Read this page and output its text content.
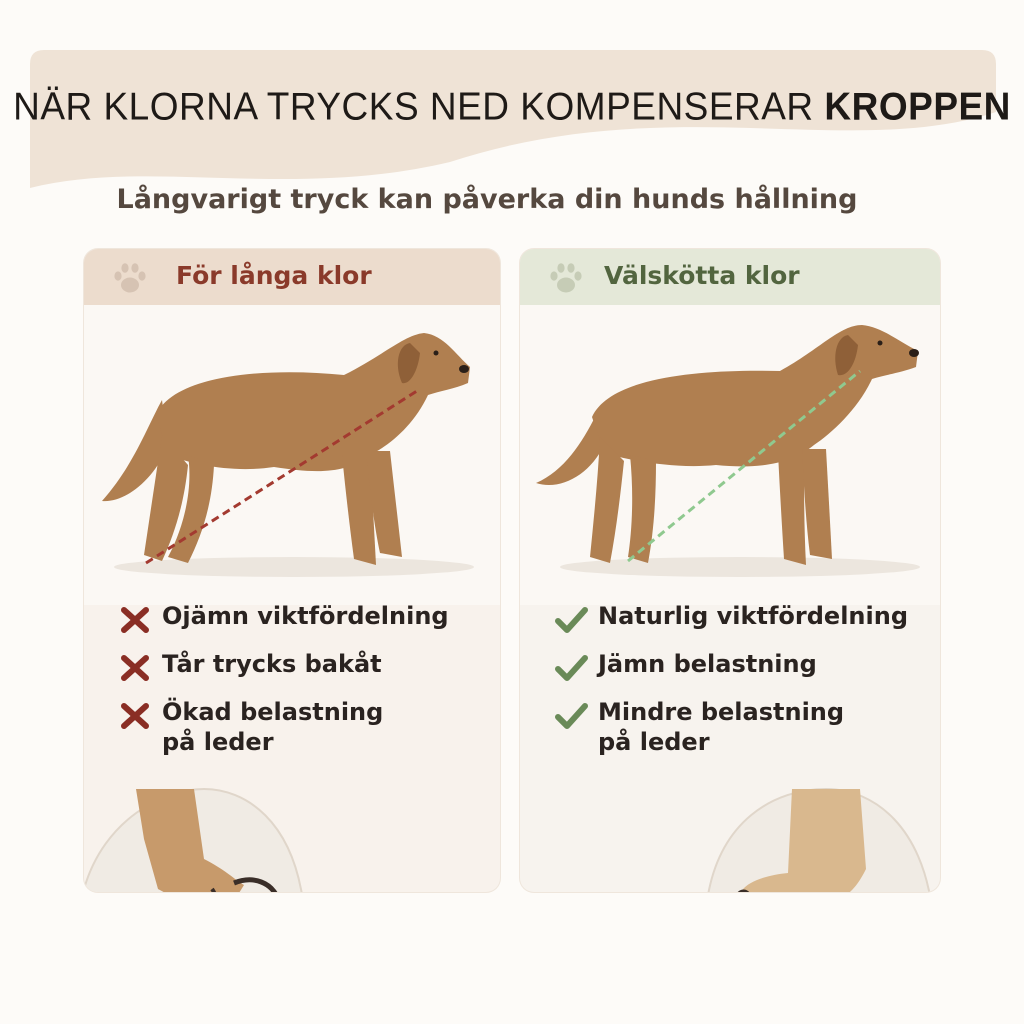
NÄR KLORNA TRYCKS NED KOMPENSERAR KROPPEN
Långvarigt tryck kan påverka din hunds hållning
För långa klor
Ojämn viktfördelning
Tår trycks bakåt
Ökad belastning
på leder
Välskötta klor
Naturlig viktfördelning
Jämn belastning
Mindre belastning
på leder
